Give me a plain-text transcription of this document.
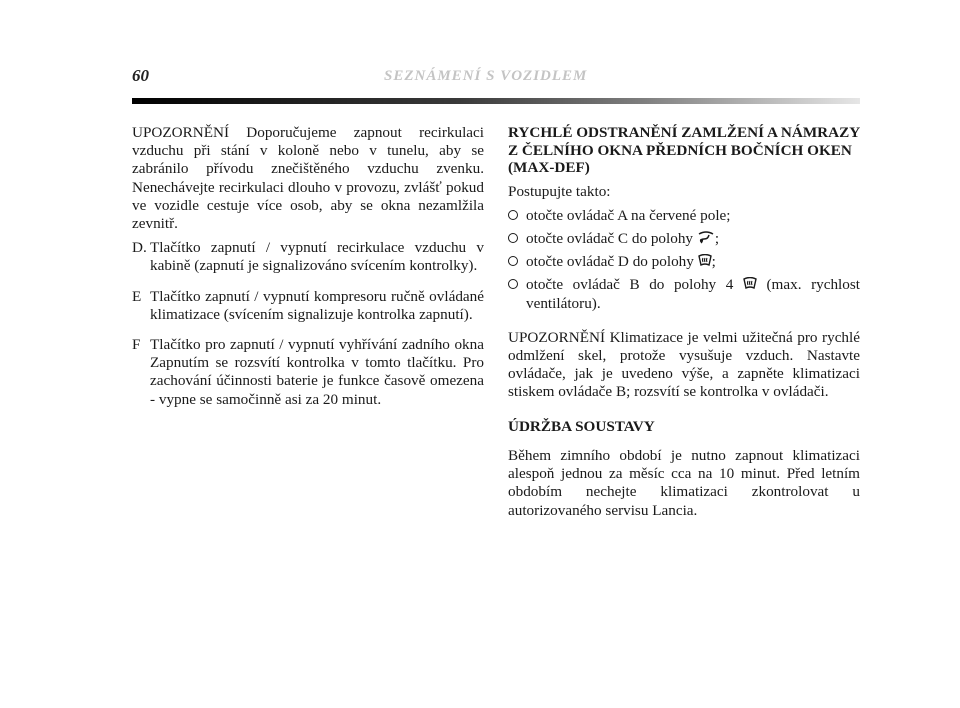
60	SEZNÁMENÍ S VOZIDLEM

UPOZORNĚNÍ Doporučujeme zapnout recirkulaci vzduchu při stání v koloně nebo v tunelu, aby se zabránilo přívodu znečištěného vzduchu zvenku. Nenechávejte recirkulaci dlouho v provozu, zvlášť pokud ve vozidle cestuje více osob, aby se okna nezamlžila zevnitř.

D. Tlačítko zapnutí / vypnutí recirkulace vzduchu v kabině (zapnutí je signalizováno svícením kontrolky).

E Tlačítko zapnutí / vypnutí kompresoru ručně ovládané klimatizace (svícením signalizuje kontrolka zapnutí).

F Tlačítko pro zapnutí / vypnutí vyhřívání zadního okna Zapnutím se rozsvítí kontrolka v tomto tlačítku. Pro zachování účinnosti baterie je funkce časově omezena - vypne se samočinně asi za 20 minut.

RYCHLÉ ODSTRANĚNÍ ZAMLŽENÍ A NÁMRAZY Z ČELNÍHO OKNA PŘEDNÍCH BOČNÍCH OKEN (MAX-DEF)

Postupujte takto:

otočte ovládač A na červené pole;

otočte ovládač C do polohy ;

otočte ovládač D do polohy ;

otočte ovládač B do polohy 4  (max. rychlost ventilátoru).

UPOZORNĚNÍ Klimatizace je velmi užitečná pro rychlé odmlžení skel, protože vysušuje vzduch. Nastavte ovládače, jak je uvedeno výše, a zapněte klimatizaci stiskem ovládače B; rozsvítí se kontrolka v ovládači.

ÚDRŽBA SOUSTAVY

Během zimního období je nutno zapnout klimatizaci alespoň jednou za měsíc cca na 10 minut. Před letním obdobím nechejte klimatizaci zkontrolovat u autorizovaného servisu Lancia.
